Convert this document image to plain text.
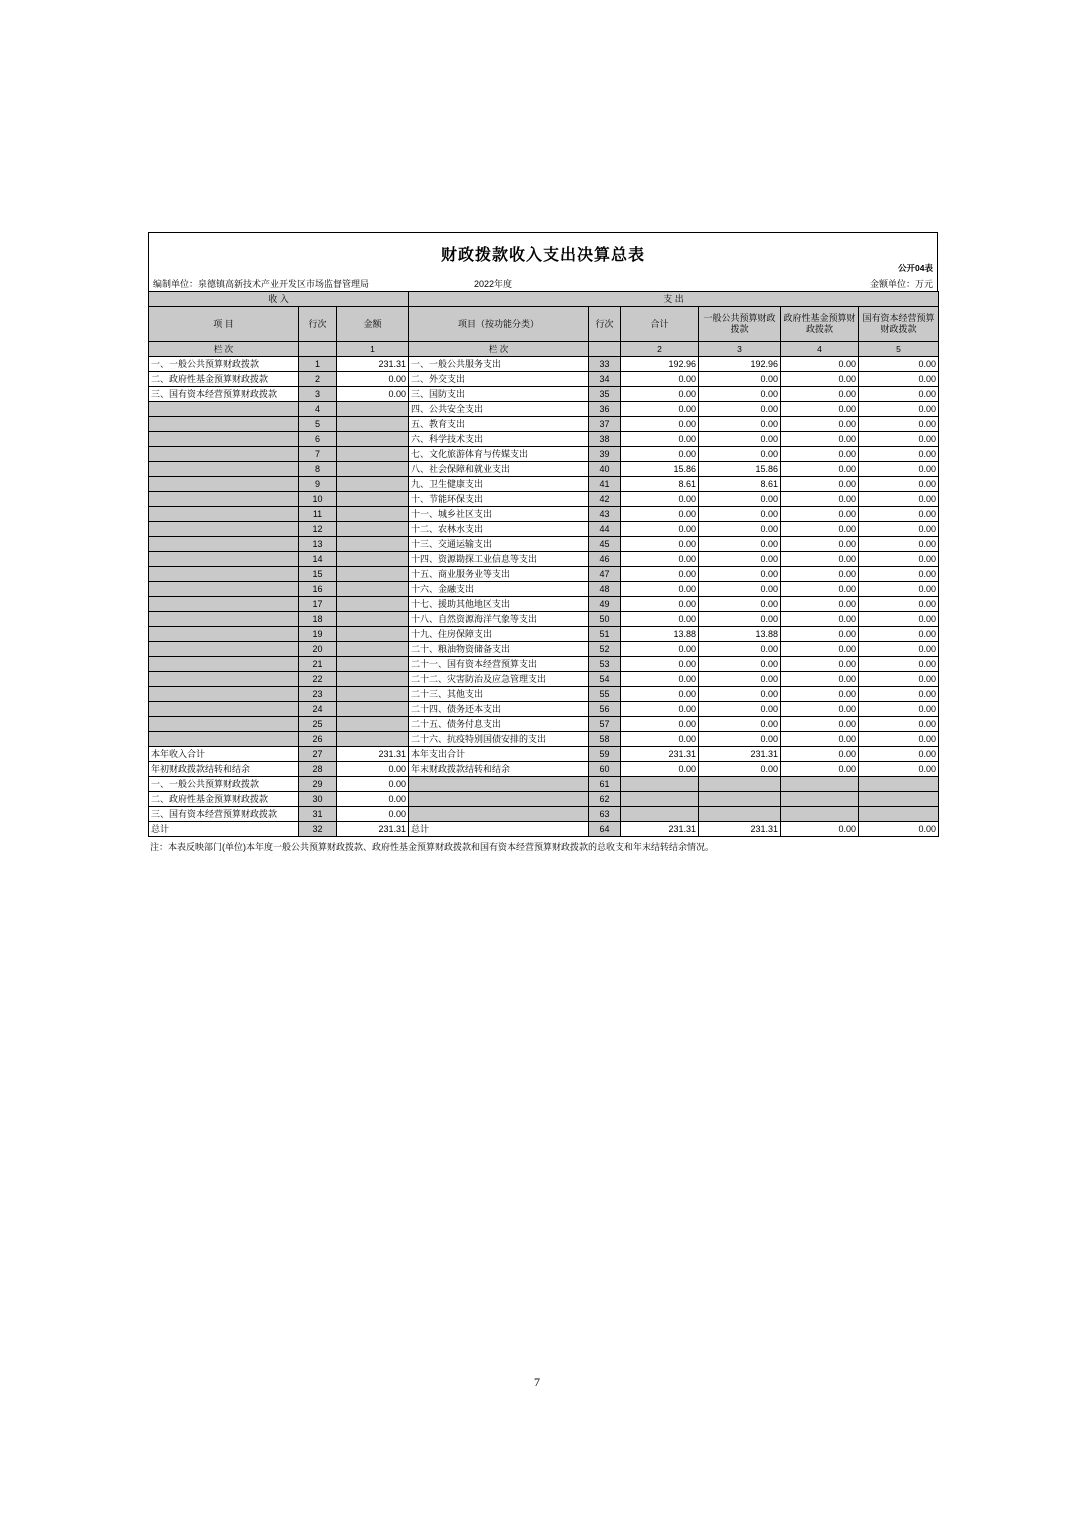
财政拨款收入支出决算总表
公开04表
编制单位：泉德镇高新技术产业开发区市场监督管理局	2022年度	金额单位：万元
收 入			支 出					
项 目	行次	金额	项目（按功能分类）	行次	合计	一般公共预算财政拨款	政府性基金预算财政拨款	国有资本经营预算财政拨款
栏 次		1	栏 次		2	3	4	5
一、一般公共预算财政拨款	1	231.31	一、一般公共服务支出	33	192.96	192.96	0.00	0.00
二、政府性基金预算财政拨款	2	0.00	二、外交支出	34	0.00	0.00	0.00	0.00
三、国有资本经营预算财政拨款	3	0.00	三、国防支出	35	0.00	0.00	0.00	0.00
	4		四、公共安全支出	36	0.00	0.00	0.00	0.00
	5		五、教育支出	37	0.00	0.00	0.00	0.00
	6		六、科学技术支出	38	0.00	0.00	0.00	0.00
	7		七、文化旅游体育与传媒支出	39	0.00	0.00	0.00	0.00
	8		八、社会保障和就业支出	40	15.86	15.86	0.00	0.00
	9		九、卫生健康支出	41	8.61	8.61	0.00	0.00
	10		十、节能环保支出	42	0.00	0.00	0.00	0.00
	11		十一、城乡社区支出	43	0.00	0.00	0.00	0.00
	12		十二、农林水支出	44	0.00	0.00	0.00	0.00
	13		十三、交通运输支出	45	0.00	0.00	0.00	0.00
	14		十四、资源勘探工业信息等支出	46	0.00	0.00	0.00	0.00
	15		十五、商业服务业等支出	47	0.00	0.00	0.00	0.00
	16		十六、金融支出	48	0.00	0.00	0.00	0.00
	17		十七、援助其他地区支出	49	0.00	0.00	0.00	0.00
	18		十八、自然资源海洋气象等支出	50	0.00	0.00	0.00	0.00
	19		十九、住房保障支出	51	13.88	13.88	0.00	0.00
	20		二十、粮油物资储备支出	52	0.00	0.00	0.00	0.00
	21		二十一、国有资本经营预算支出	53	0.00	0.00	0.00	0.00
	22		二十二、灾害防治及应急管理支出	54	0.00	0.00	0.00	0.00
	23		二十三、其他支出	55	0.00	0.00	0.00	0.00
	24		二十四、债务还本支出	56	0.00	0.00	0.00	0.00
	25		二十五、债务付息支出	57	0.00	0.00	0.00	0.00
	26		二十六、抗疫特别国债安排的支出	58	0.00	0.00	0.00	0.00
本年收入合计	27	231.31	本年支出合计	59	231.31	231.31	0.00	0.00
年初财政拨款结转和结余	28	0.00	年末财政拨款结转和结余	60	0.00	0.00	0.00	0.00
一、一般公共预算财政拨款	29	0.00		61				
二、政府性基金预算财政拨款	30	0.00		62				
三、国有资本经营预算财政拨款	31	0.00		63				
总计	32	231.31	总计	64	231.31	231.31	0.00	0.00
注：本表反映部门(单位)本年度一般公共预算财政拨款、政府性基金预算财政拨款和国有资本经营预算财政拨款的总收支和年末结转结余情况。
7
